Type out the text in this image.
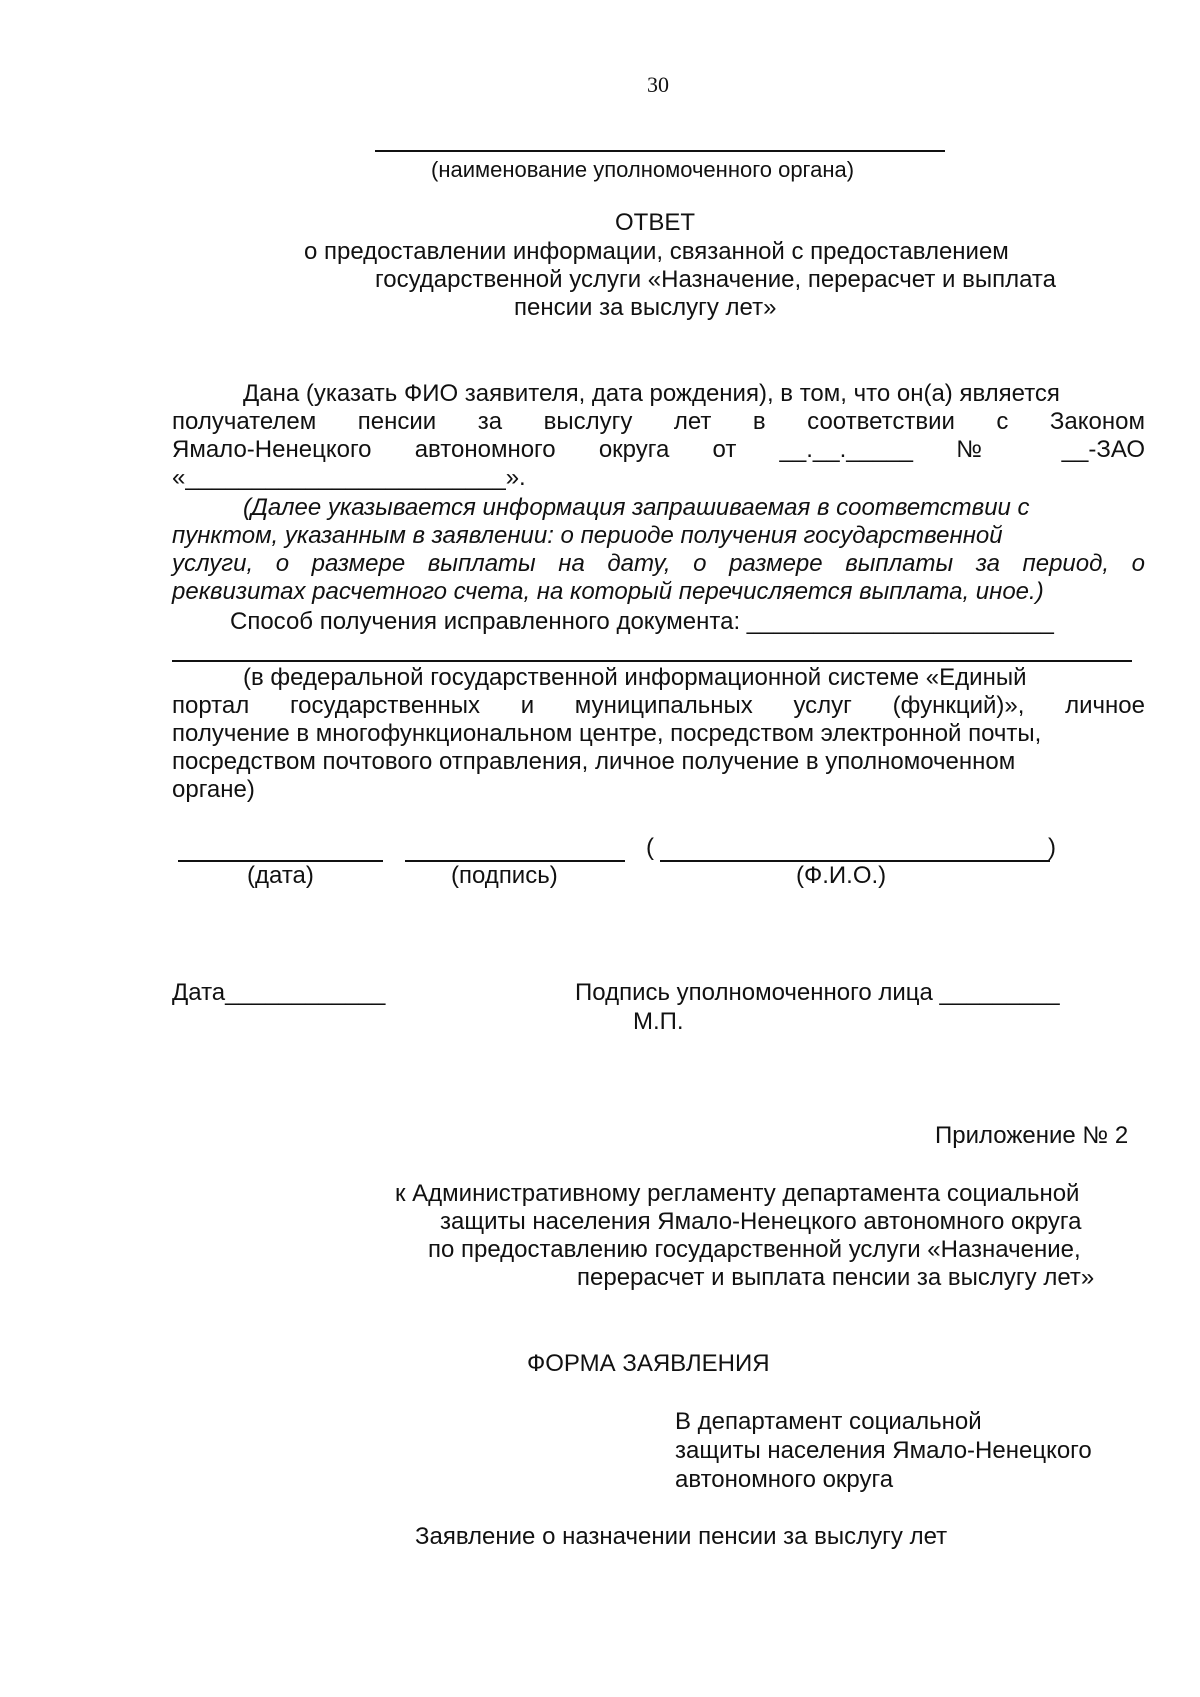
30
(наименование уполномоченного органа)
ОТВЕТ
о предоставлении информации, связанной с предоставлением
государственной услуги «Назначение, перерасчет и выплата
пенсии за выслугу лет»
Дана (указать ФИО заявителя, дата рождения), в том, что он(а) является
получателем пенсии за выслугу лет в соответствии с Законом
Ямало-Ненецкого автономного округа от __.__._____ № __-ЗАО
«________________________».
(Далее указывается информация запрашиваемая в соответствии с
пунктом, указанным в заявлении: о периоде получения государственной
услуги, о размере выплаты на дату, о размере выплаты за период, о
реквизитах расчетного счета, на который перечисляется выплата, иное.)
Способ получения исправленного документа: _______________________
(в федеральной государственной информационной системе «Единый
портал государственных и муниципальных услуг (функций)», личное
получение в многофункциональном центре, посредством электронной почты,
посредством почтового отправления, личное получение в уполномоченном
органе)
(	)
(дата)	(подпись)	(Ф.И.О.)
Дата____________	Подпись уполномоченного лица _________
М.П.
Приложение № 2
к Административному регламенту департамента социальной
защиты населения Ямало-Ненецкого автономного округа
по предоставлению государственной услуги «Назначение,
перерасчет и выплата пенсии за выслугу лет»
ФОРМА ЗАЯВЛЕНИЯ
В департамент социальной
защиты населения Ямало-Ненецкого
автономного округа
Заявление о назначении пенсии за выслугу лет
